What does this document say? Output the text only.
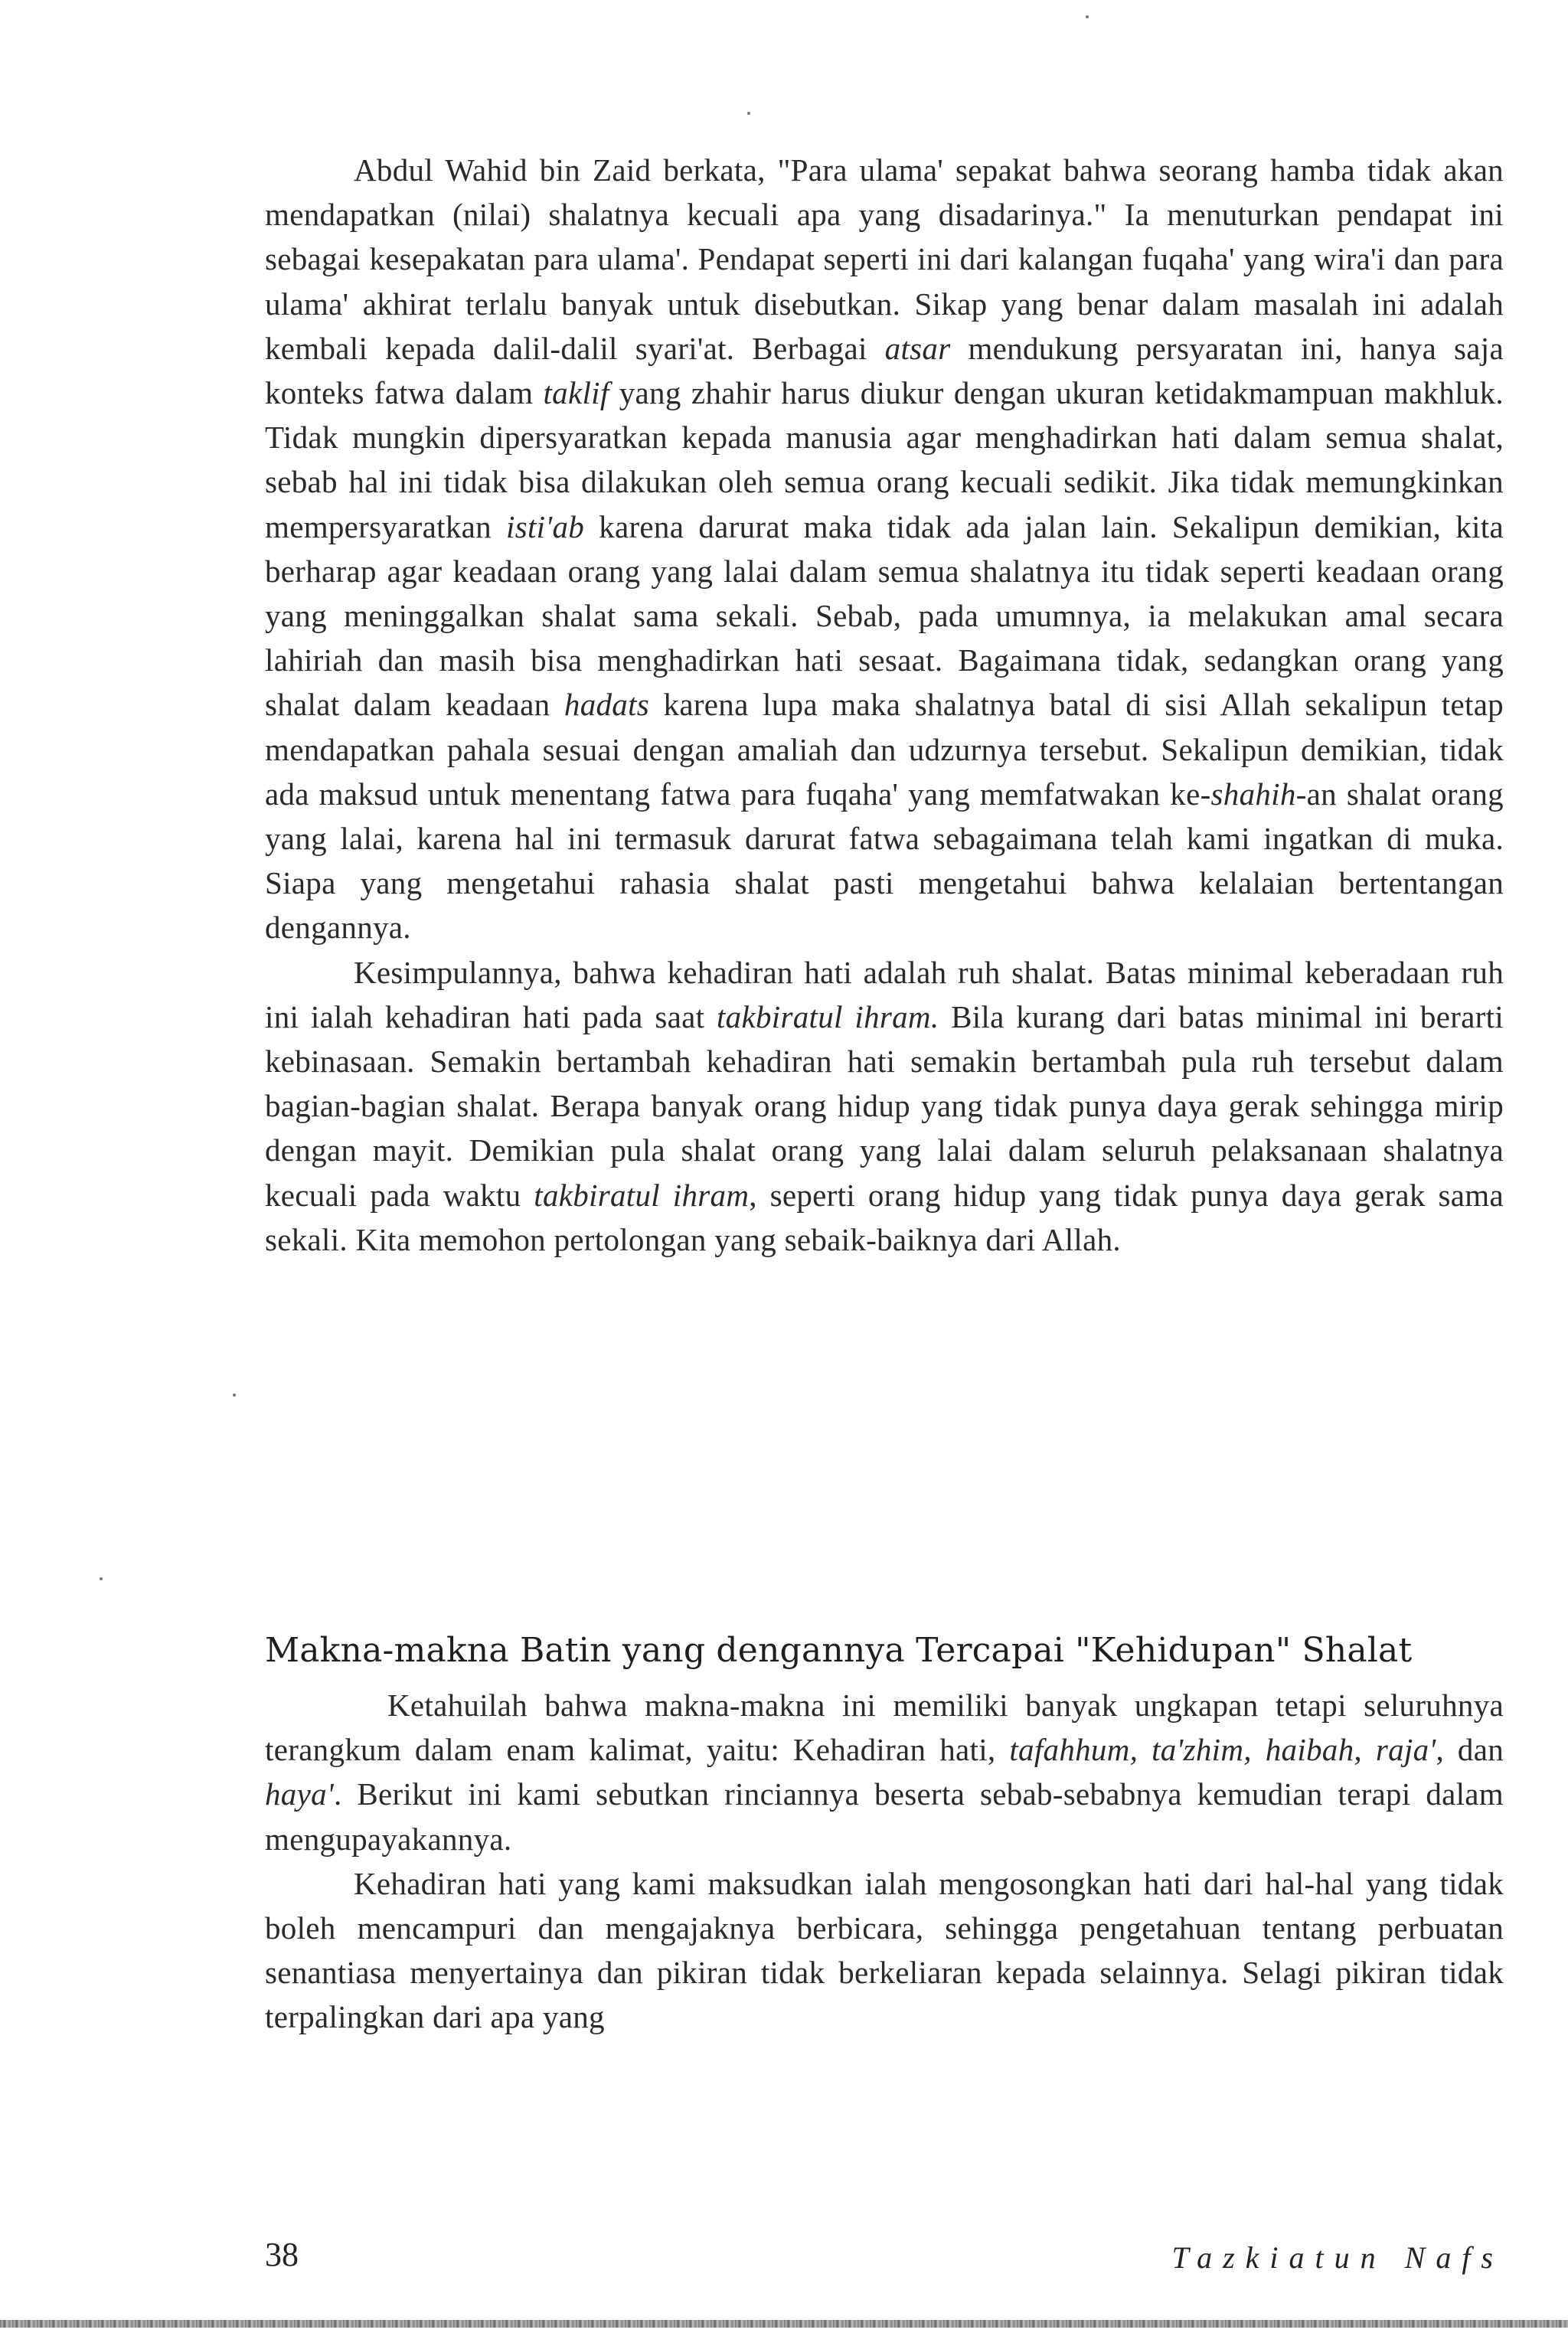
Abdul Wahid bin Zaid berkata, "Para ulama' sepakat bahwa seorang hamba tidak akan mendapatkan (nilai) shalatnya kecuali apa yang disadarinya." Ia menuturkan pendapat ini sebagai kesepakatan para ulama'. Pendapat seperti ini dari kalangan fuqaha' yang wira'i dan para ulama' akhirat terlalu banyak untuk disebutkan. Sikap yang benar dalam masalah ini adalah kembali kepada dalil-dalil syari'at. Berbagai atsar mendukung persyaratan ini, hanya saja konteks fatwa dalam taklif yang zhahir harus diukur dengan ukuran ketidakmampuan makhluk. Tidak mungkin dipersyaratkan kepada manusia agar menghadirkan hati dalam semua shalat, sebab hal ini tidak bisa dilakukan oleh semua orang kecuali sedikit. Jika tidak memungkinkan mempersyaratkan isti'ab karena darurat maka tidak ada jalan lain. Sekalipun demikian, kita berharap agar keadaan orang yang lalai dalam semua shalatnya itu tidak seperti keadaan orang yang meninggalkan shalat sama sekali. Sebab, pada umumnya, ia melakukan amal secara lahiriah dan masih bisa menghadirkan hati sesaat. Bagaimana tidak, sedangkan orang yang shalat dalam keadaan hadats karena lupa maka shalatnya batal di sisi Allah sekalipun tetap mendapatkan pahala sesuai dengan amaliah dan udzurnya tersebut. Sekalipun demikian, tidak ada maksud untuk menentang fatwa para fuqaha' yang memfatwakan ke-shahih-an shalat orang yang lalai, karena hal ini termasuk darurat fatwa sebagaimana telah kami ingatkan di muka. Siapa yang mengetahui rahasia shalat pasti mengetahui bahwa kelalaian bertentangan dengannya.

Kesimpulannya, bahwa kehadiran hati adalah ruh shalat. Batas minimal keberadaan ruh ini ialah kehadiran hati pada saat takbiratul ihram. Bila kurang dari batas minimal ini berarti kebinasaan. Semakin bertambah kehadiran hati semakin bertambah pula ruh tersebut dalam bagian-bagian shalat. Berapa banyak orang hidup yang tidak punya daya gerak sehingga mirip dengan mayit. Demikian pula shalat orang yang lalai dalam seluruh pelaksanaan shalatnya kecuali pada waktu takbiratul ihram, seperti orang hidup yang tidak punya daya gerak sama sekali. Kita memohon pertolongan yang sebaik-baiknya dari Allah.

Makna-makna Batin yang dengannya Tercapai "Kehidupan" Shalat

Ketahuilah bahwa makna-makna ini memiliki banyak ungkapan tetapi seluruhnya terangkum dalam enam kalimat, yaitu: Kehadiran hati, tafahhum, ta'zhim, haibah, raja', dan haya'. Berikut ini kami sebutkan rinciannya beserta sebab-sebabnya kemudian terapi dalam mengupayakannya.

Kehadiran hati yang kami maksudkan ialah mengosongkan hati dari hal-hal yang tidak boleh mencampuri dan mengajaknya berbicara, sehingga pengetahuan tentang perbuatan senantiasa menyertainya dan pikiran tidak berkeliaran kepada selainnya. Selagi pikiran tidak terpalingkan dari apa yang

38	Tazkiatun Nafs
